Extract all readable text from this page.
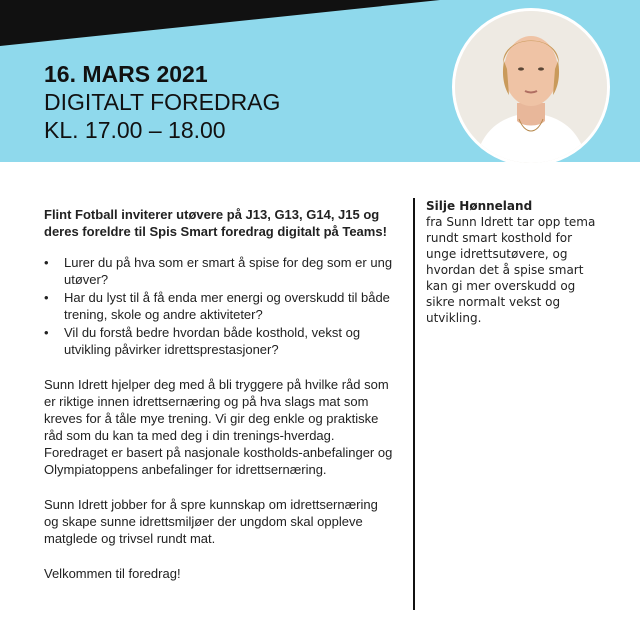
16. MARS 2021
DIGITALT FOREDRAG
KL. 17.00 – 18.00

Flint Fotball inviterer utøvere på J13, G13, G14, J15 og deres foreldre til Spis Smart foredrag digitalt på Teams!

• Lurer du på hva som er smart å spise for deg som er ung utøver?
• Har du lyst til å få enda mer energi og overskudd til både trening, skole og andre aktiviteter?
• Vil du forstå bedre hvordan både kosthold, vekst og utvikling påvirker idrettsprestasjoner?

Sunn Idrett hjelper deg med å bli tryggere på hvilke råd som er riktige innen idrettsernæring og på hva slags mat som kreves for å tåle mye trening. Vi gir deg enkle og praktiske råd som du kan ta med deg i din trenings-hverdag. Foredraget er basert på nasjonale kostholds-anbefalinger og Olympiatoppens anbefalinger for idrettsernæring.

Sunn Idrett jobber for å spre kunnskap om idrettsernæring og skape sunne idrettsmiljøer der ungdom skal oppleve matglede og trivsel rundt mat.

Velkommen til foredrag!

Silje Hønneland
fra Sunn Idrett tar opp tema rundt smart kosthold for unge idrettsutøvere, og hvordan det å spise smart kan gi mer overskudd og sikre normalt vekst og utvikling.
